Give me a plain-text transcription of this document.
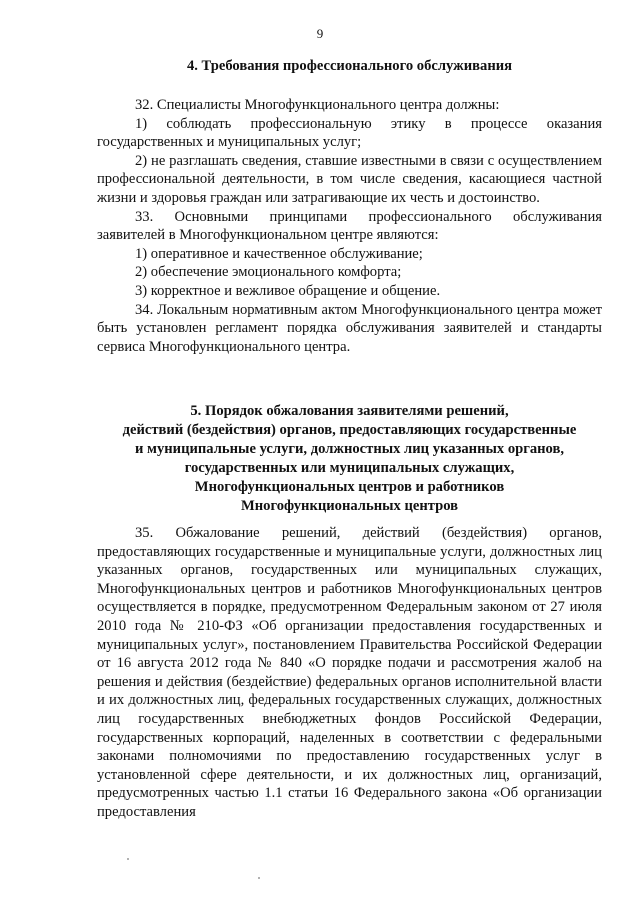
9
4. Требования профессионального обслуживания

32. Специалисты Многофункционального центра должны:

1) соблюдать профессиональную этику в процессе оказания государственных и муниципальных услуг;

2) не разглашать сведения, ставшие известными в связи с осуществлением профессиональной деятельности, в том числе сведения, касающиеся частной жизни и здоровья граждан или затрагивающие их честь и достоинство.

33. Основными принципами профессионального обслуживания заявителей в Многофункциональном центре являются:

1) оперативное и качественное обслуживание;

2) обеспечение эмоционального комфорта;

3) корректное и вежливое обращение и общение.

34. Локальным нормативным актом Многофункционального центра может быть установлен регламент порядка обслуживания заявителей и стандарты сервиса Многофункционального центра.

5. Порядок обжалования заявителями решений,
действий (бездействия) органов, предоставляющих государственные
и муниципальные услуги, должностных лиц указанных органов,
государственных или муниципальных служащих,
Многофункциональных центров и работников
Многофункциональных центров

35. Обжалование решений, действий (бездействия) органов, предоставляющих государственные и муниципальные услуги, должностных лиц указанных органов, государственных или муниципальных служащих, Многофункциональных центров и работников Многофункциональных центров осуществляется в порядке, предусмотренном Федеральным законом от 27 июля 2010 года № 210-ФЗ «Об организации предоставления государственных и муниципальных услуг», постановлением Правительства Российской Федерации от 16 августа 2012 года № 840 «О порядке подачи и рассмотрения жалоб на решения и действия (бездействие) федеральных органов исполнительной власти и их должностных лиц, федеральных государственных служащих, должностных лиц государственных внебюджетных фондов Российской Федерации, государственных корпораций, наделенных в соответствии с федеральными законами полномочиями по предоставлению государственных услуг в установленной сфере деятельности, и их должностных лиц, организаций, предусмотренных частью 1.1 статьи 16 Федерального закона «Об организации предоставления
